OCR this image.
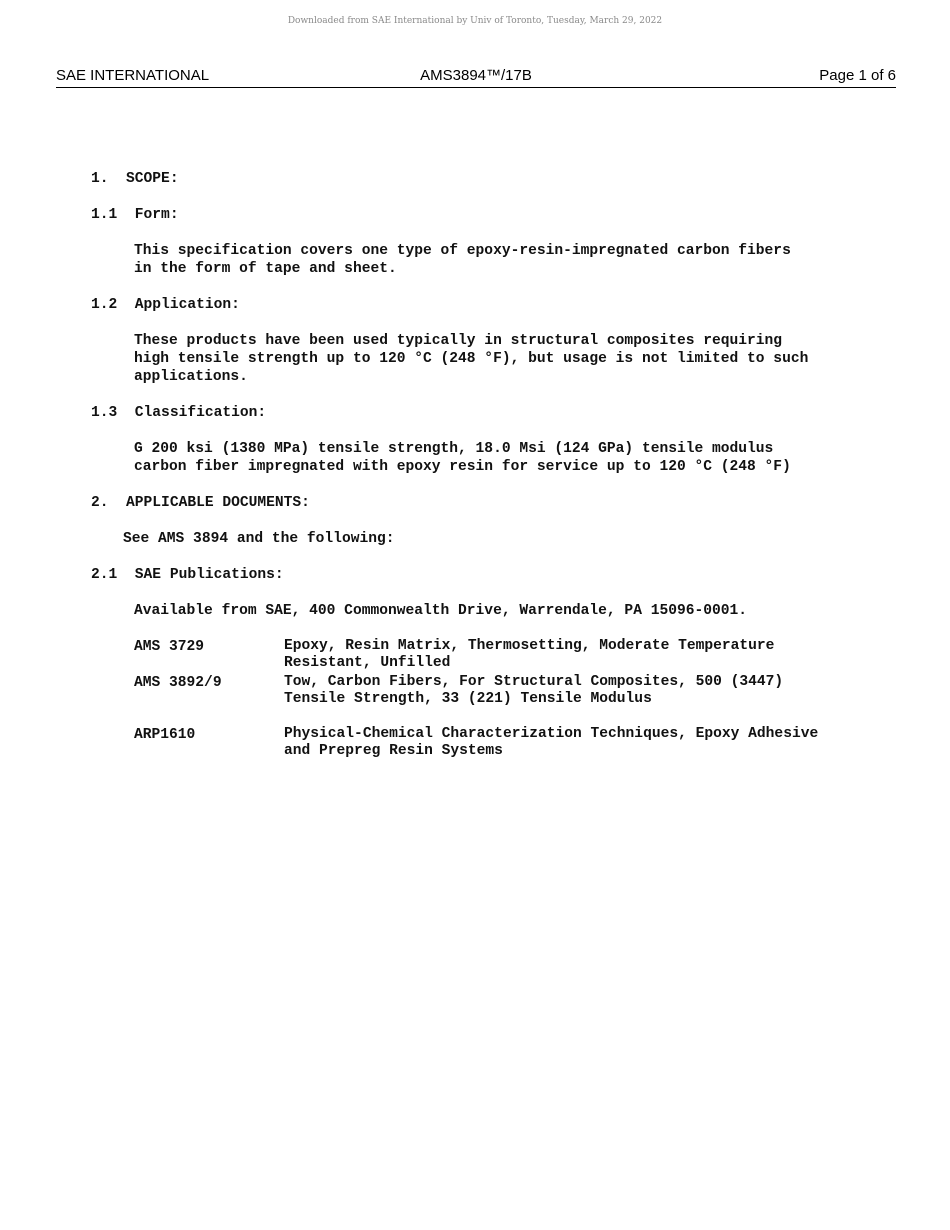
Downloaded from SAE International by Univ of Toronto, Tuesday, March 29, 2022
SAE INTERNATIONAL	AMS3894™/17B	Page 1 of 6
1.  SCOPE:
1.1  Form:
This specification covers one type of epoxy-resin-impregnated carbon fibers
in the form of tape and sheet.
1.2  Application:
These products have been used typically in structural composites requiring
high tensile strength up to 120 °C (248 °F), but usage is not limited to such
applications.
1.3  Classification:
G 200 ksi (1380 MPa) tensile strength, 18.0 Msi (124 GPa) tensile modulus
carbon fiber impregnated with epoxy resin for service up to 120 °C (248 °F)
2.  APPLICABLE DOCUMENTS:
See AMS 3894 and the following:
2.1  SAE Publications:
Available from SAE, 400 Commonwealth Drive, Warrendale, PA 15096-0001.
AMS 3729	Epoxy, Resin Matrix, Thermosetting, Moderate Temperature Resistant, Unfilled
AMS 3892/9	Tow, Carbon Fibers, For Structural Composites, 500 (3447) Tensile Strength, 33 (221) Tensile Modulus
ARP1610	Physical-Chemical Characterization Techniques, Epoxy Adhesive and Prepreg Resin Systems
